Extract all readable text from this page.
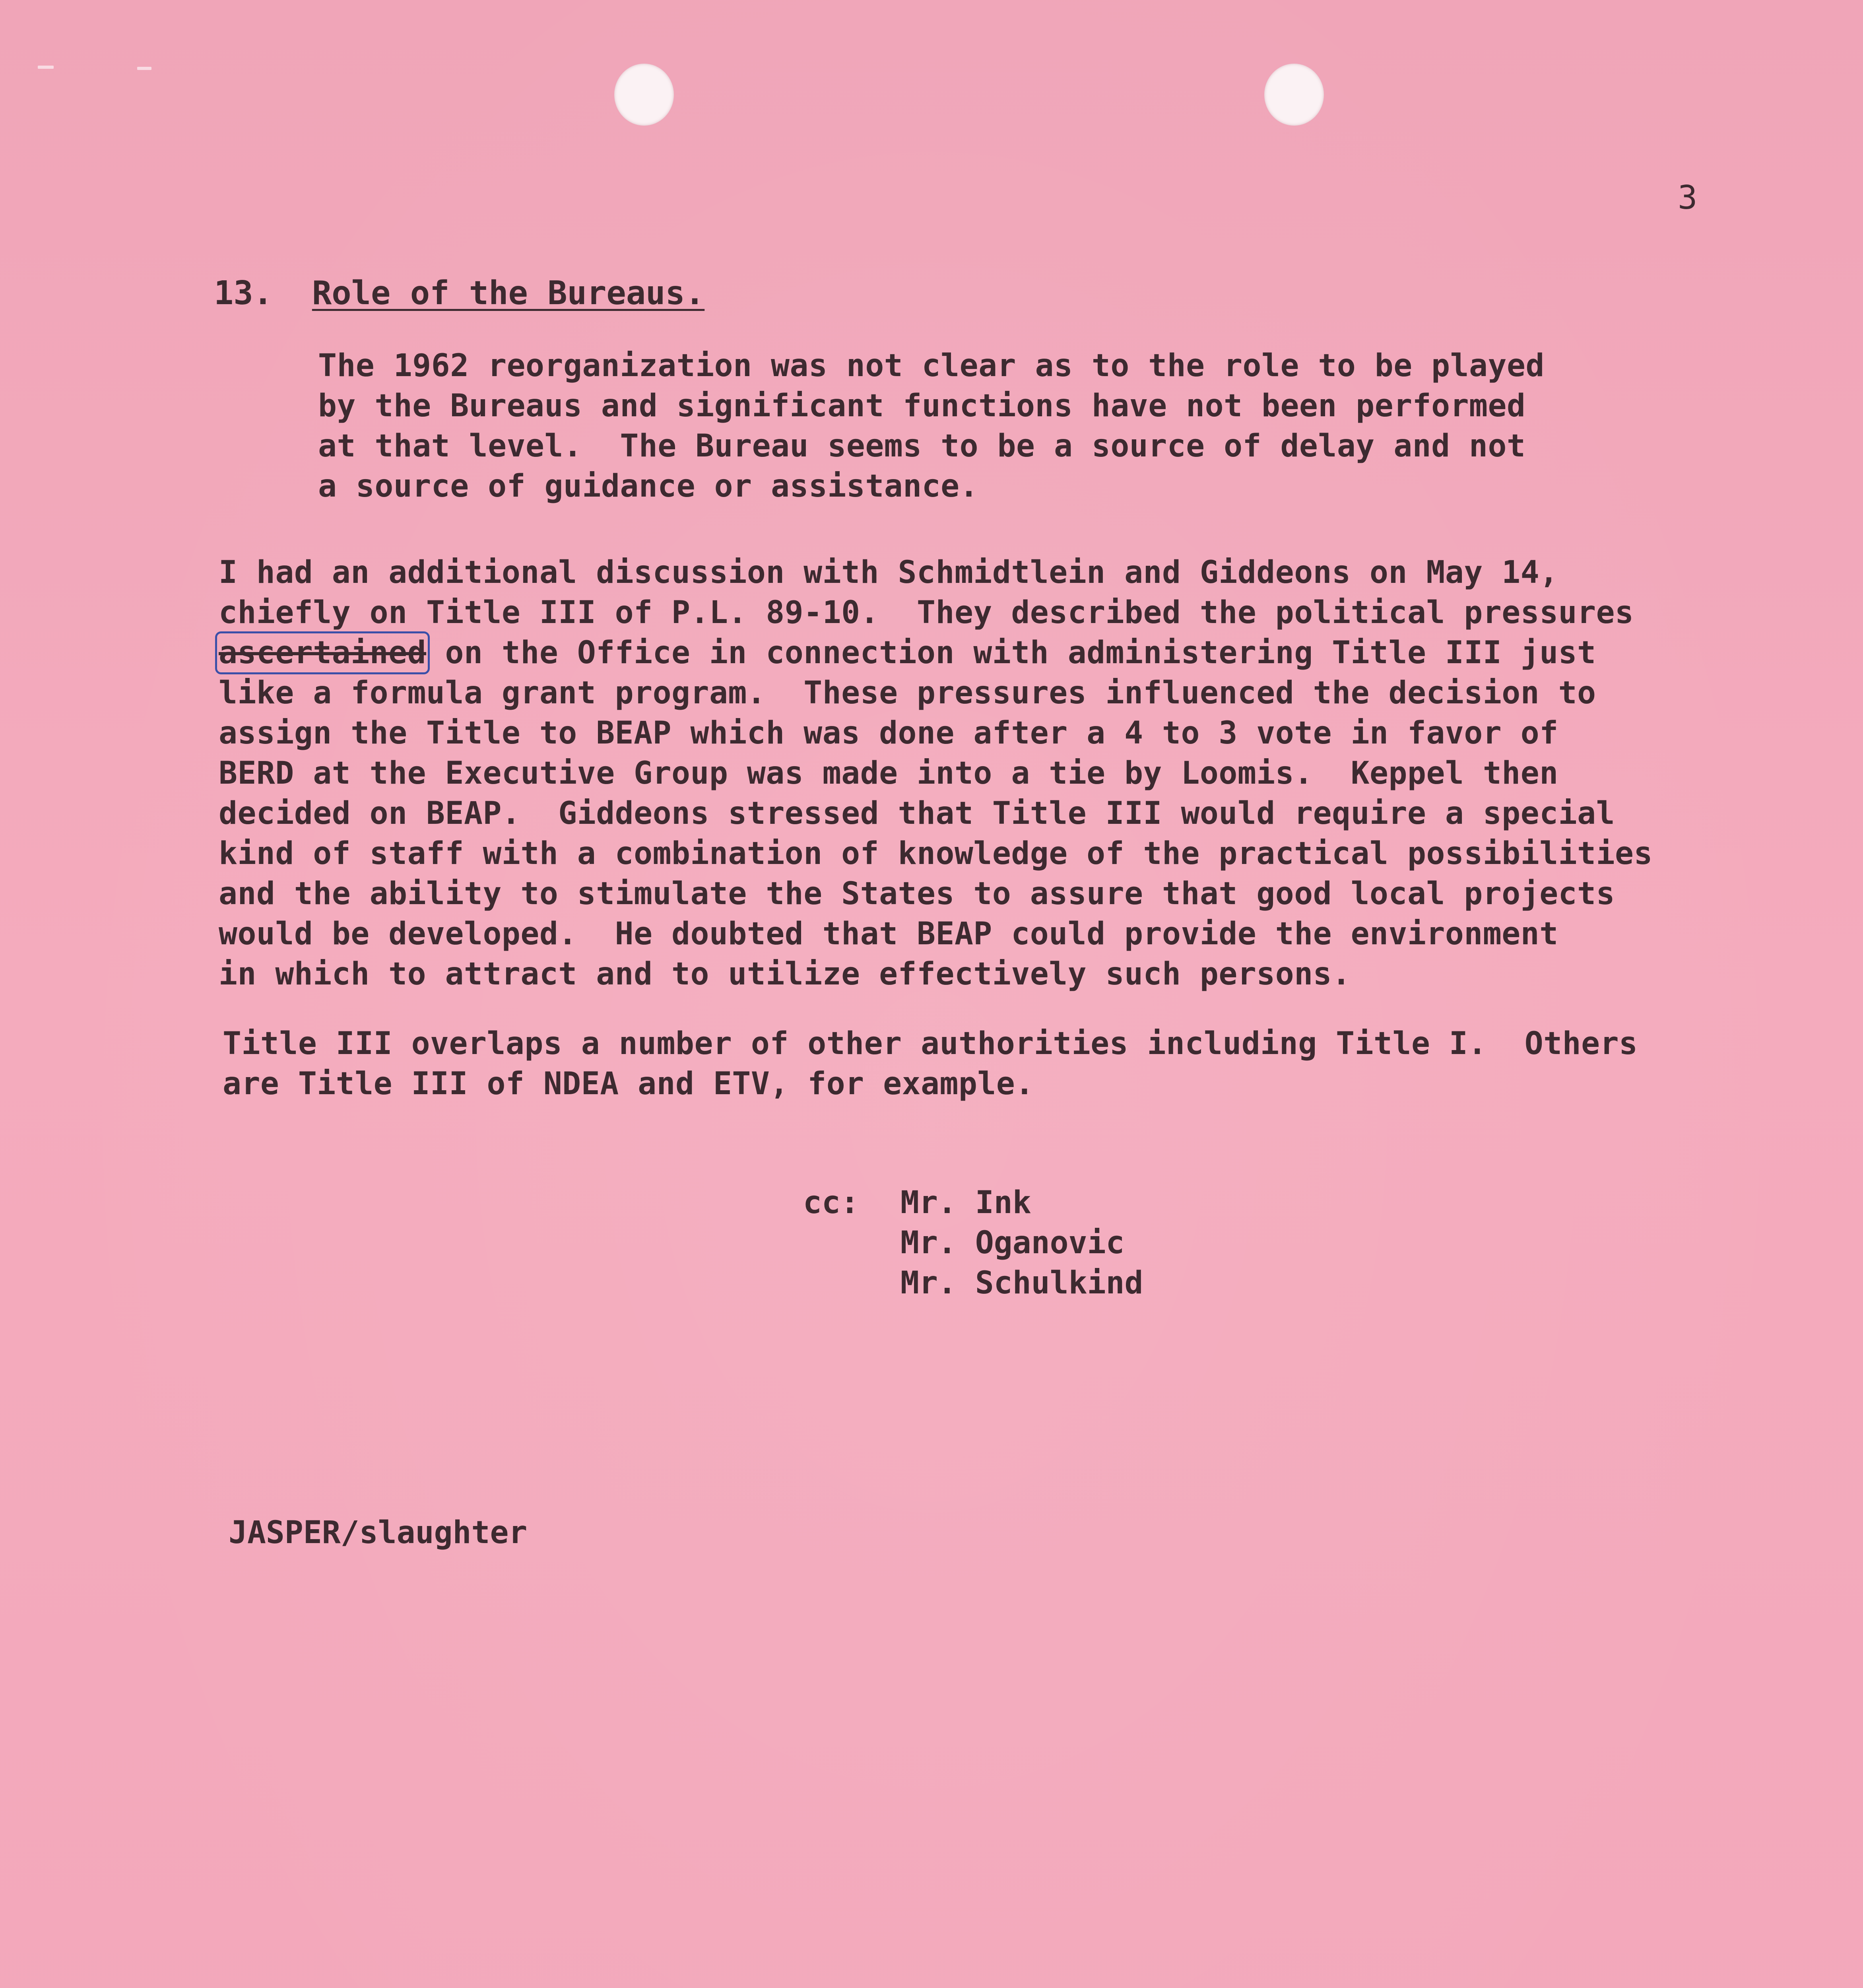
3
13. Role of the Bureaus.
The 1962 reorganization was not clear as to the role to be played
by the Bureaus and significant functions have not been performed
at that level.  The Bureau seems to be a source of delay and not
a source of guidance or assistance.
I had an additional discussion with Schmidtlein and Giddeons on May 14,
chiefly on Title III of P.L. 89-10.  They described the political pressures
ascertained on the Office in connection with administering Title III just
like a formula grant program.  These pressures influenced the decision to
assign the Title to BEAP which was done after a 4 to 3 vote in favor of
BERD at the Executive Group was made into a tie by Loomis.  Keppel then
decided on BEAP.  Giddeons stressed that Title III would require a special
kind of staff with a combination of knowledge of the practical possibilities
and the ability to stimulate the States to assure that good local projects
would be developed.  He doubted that BEAP could provide the environment
in which to attract and to utilize effectively such persons.
Title III overlaps a number of other authorities including Title I.  Others
are Title III of NDEA and ETV, for example.
cc: Mr. Ink
Mr. Oganovic
Mr. Schulkind
JASPER/slaughter
